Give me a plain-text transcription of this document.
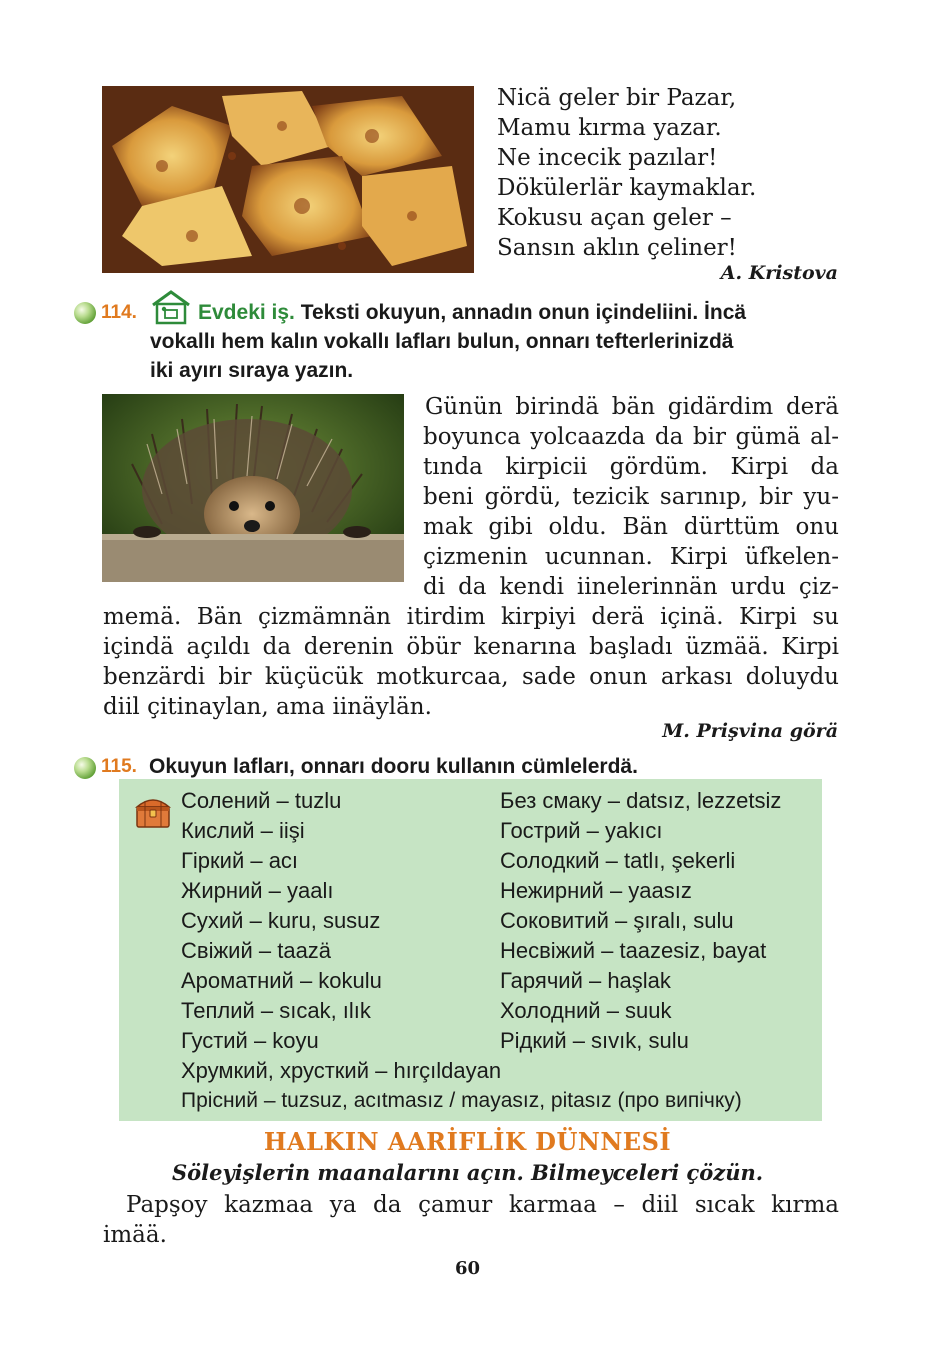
Nicä geler bir Pazar,
Mamu kırma yazar.
Ne incecik pazılar!
Dökülerlär kaymaklar.
Kokusu açan geler –
Sansın aklın çeliner!
A. Kristova
114.	Evdeki iş. Teksti okuyun, annadın onun içindeliini. İncä
vokallı hem kalın vokallı lafları bulun, onnarı tefterlerinizdä
iki ayırı sıraya yazın.
Günün birindä bän gidärdim derä
boyunca yolcaazda da bir gümä al-
tında kirpicii gördüm. Kirpi da
beni gördü, tezicik sarınıp, bir yu-
mak gibi oldu. Bän dürttüm onu
çizmenin ucunnan. Kirpi üfkelen-
di da kendi iinelerinnän urdu çiz-
memä. Bän çizmämnän itirdim kirpiyi derä içinä. Kirpi su
içindä açıldı da derenin öbür kenarına başladı üzmää. Kirpi
benzärdi bir küçücük motkurcaa, sade onun arkası doluydu
diil çitinaylan, ama iinäylän.
M. Prişvina görä
115. Okuyun lafları, onnarı dooru kullanın cümlelerdä.
Солений – tuzlu
Кислий – iişi
Гіркий – acı
Жирний – yaalı
Сухий – kuru, susuz
Свіжий – taazä
Ароматний – kokulu
Теплий – sıcak, ılık
Густий – koyu
Без смаку – datsız, lezzetsiz
Гострий – yakıcı
Солодкий – tatlı, şekerli
Нежирний – yaasız
Соковитий – şıralı, sulu
Несвіжий – taazesiz, bayat
Гарячий – haşlak
Холодний – suuk
Рідкий – sıvık, sulu
Хрумкий, хрусткий – hırçıldayan
Прісний – tuzsuz, acıtmasız / mayasız, pitasız (про випічку)
HALKIN AARİFLİK DÜNNESİ
Söleyişlerin maanalarını açın. Bilmeyceleri çözün.
Papşoy kazmaa ya da çamur karmaa – diil sıcak kırma
imää.
60
